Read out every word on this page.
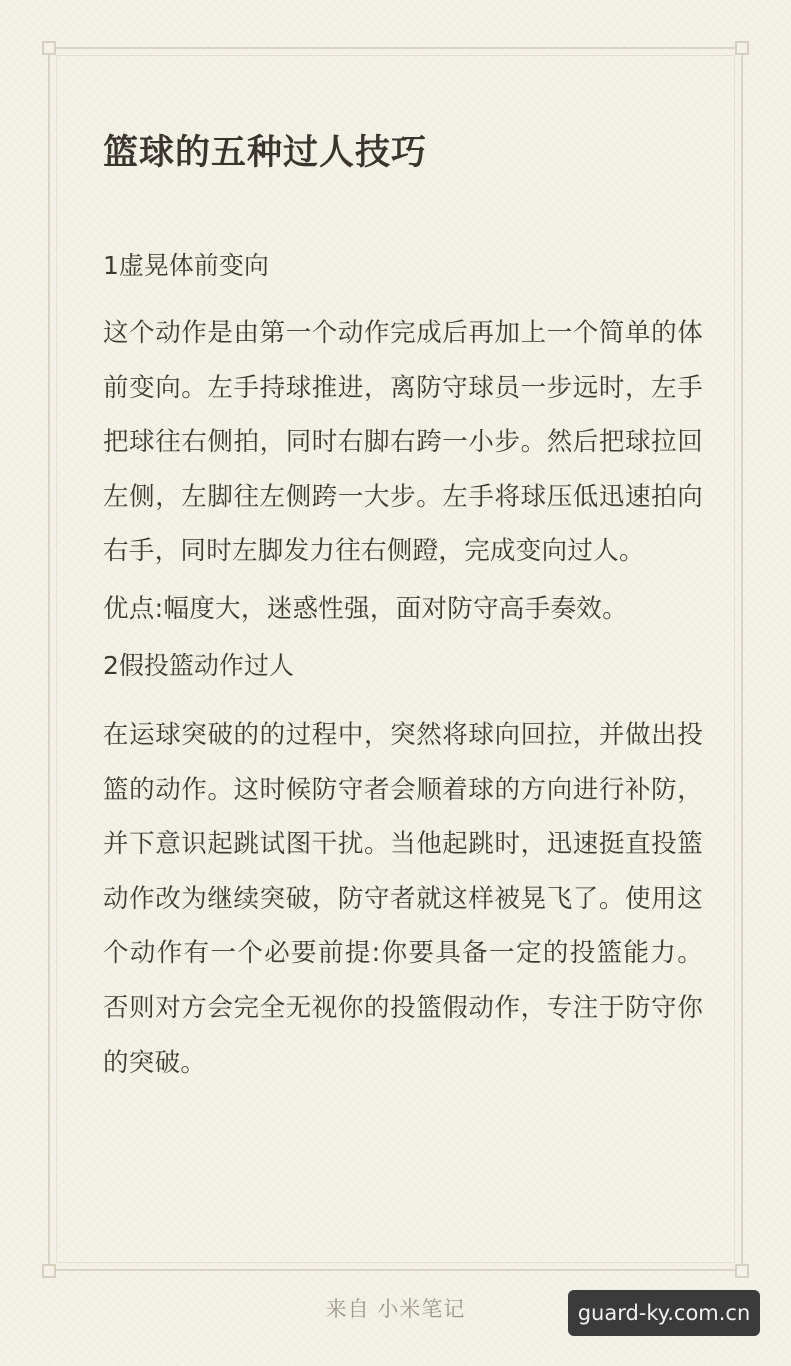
篮球的五种过人技巧

1虚晃体前变向

这个动作是由第一个动作完成后再加上一个简单的体前变向。左手持球推进，离防守球员一步远时，左手把球往右侧拍，同时右脚右跨一小步。然后把球拉回左侧，左脚往左侧跨一大步。左手将球压低迅速拍向右手，同时左脚发力往右侧蹬，完成变向过人。

优点:幅度大，迷惑性强，面对防守高手奏效。

2假投篮动作过人

在运球突破的的过程中，突然将球向回拉，并做出投篮的动作。这时候防守者会顺着球的方向进行补防，并下意识起跳试图干扰。当他起跳时，迅速挺直投篮动作改为继续突破，防守者就这样被晃飞了。使用这个动作有一个必要前提:你要具备一定的投篮能力。否则对方会完全无视你的投篮假动作，专注于防守你的突破。

来自 小米笔记	guard-ky.com.cn
